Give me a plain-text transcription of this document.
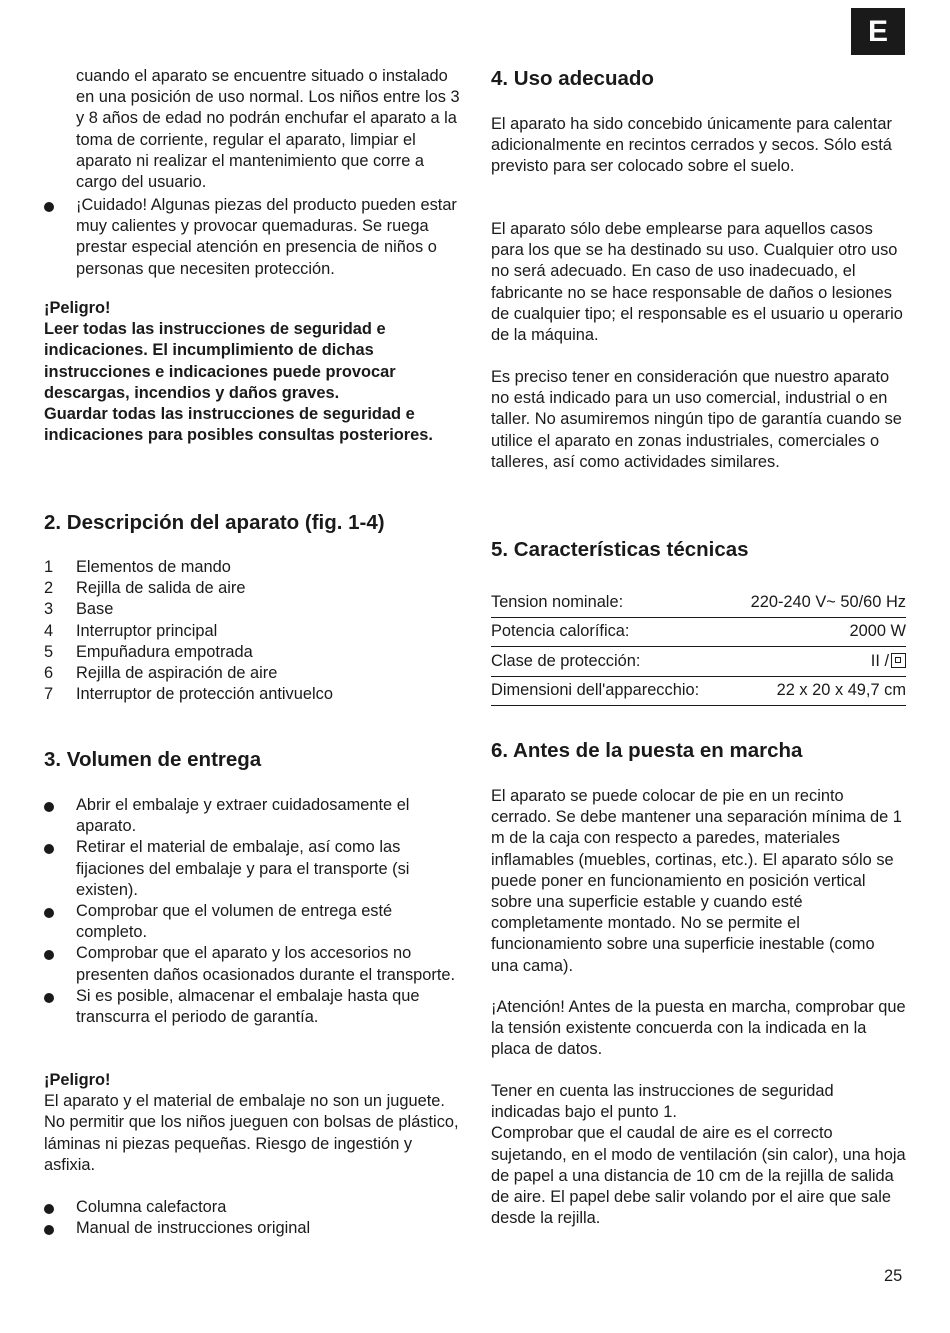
E

cuando el aparato se encuentre situado o instalado en una posición de uso normal. Los niños entre los 3 y 8 años de edad no podrán enchufar el aparato a la toma de corriente, regular el aparato, limpiar el aparato ni realizar el mantenimiento que corre a cargo del usuario.

¡Cuidado! Algunas piezas del producto pueden estar muy calientes y provocar quemaduras. Se ruega prestar especial atención en presencia de niños o personas que necesiten protección.

¡Peligro!

Leer todas las instrucciones de seguridad e indicaciones. El incumplimiento de dichas instrucciones e indicaciones puede provocar descargas, incendios y daños graves.

Guardar todas las instrucciones de seguridad e indicaciones para posibles consultas posteriores.

2. Descripción del aparato (fig. 1-4)
1 Elementos de mando
2 Rejilla de salida de aire
3 Base
4 Interruptor principal
5 Empuñadura empotrada
6 Rejilla de aspiración de aire
7 Interruptor de protección antivuelco
3. Volumen de entrega
Abrir el embalaje y extraer cuidadosamente el aparato.
Retirar el material de embalaje, así como las fijaciones del embalaje y para el transporte (si existen).
Comprobar que el volumen de entrega esté completo.
Comprobar que el aparato y los accesorios no presenten daños ocasionados durante el transporte.
Si es posible, almacenar el embalaje hasta que transcurra el periodo de garantía.

¡Peligro!

El aparato y el material de embalaje no son un juguete. No permitir que los niños jueguen con bolsas de plástico, láminas ni piezas pequeñas. Riesgo de ingestión y asfixia.

Columna calefactora
Manual de instrucciones original
4. Uso adecuado

El aparato ha sido concebido únicamente para calentar adicionalmente en recintos cerrados y secos. Sólo está previsto para ser colocado sobre el suelo.

El aparato sólo debe emplearse para aquellos casos para los que se ha destinado su uso. Cualquier otro uso no será adecuado. En caso de uso inadecuado, el fabricante no se hace responsable de daños o lesiones de cualquier tipo; el responsable es el usuario u operario de la máquina.

Es preciso tener en consideración que nuestro aparato no está indicado para un uso comercial, industrial o en taller. No asumiremos ningún tipo de garantía cuando se utilice el aparato en zonas industriales, comerciales o talleres, así como actividades similares.

5. Características técnicas
Tension nominale:	220-240 V~ 50/60 Hz
Potencia calorífica:	2000 W
Clase de protección:	II /
Dimensioni dell'apparecchio:	22 x 20 x 49,7 cm
6. Antes de la puesta en marcha

El aparato se puede colocar de pie en un recinto cerrado. Se debe mantener una separación mínima de 1 m de la caja con respecto a paredes, materiales inflamables (muebles, cortinas, etc.). El aparato sólo se puede poner en funcionamiento en posición vertical sobre una superficie estable y cuando esté completamente montado. No se permite el funcionamiento sobre una superficie inestable (como una cama).

¡Atención! Antes de la puesta en marcha, comprobar que la tensión existente concuerda con la indicada en la placa de datos.

Tener en cuenta las instrucciones de seguridad indicadas bajo el punto 1.

Comprobar que el caudal de aire es el correcto sujetando, en el modo de ventilación (sin calor), una hoja de papel a una distancia de 10 cm de la rejilla de salida de aire. El papel debe salir volando por el aire que sale desde la rejilla.

25
